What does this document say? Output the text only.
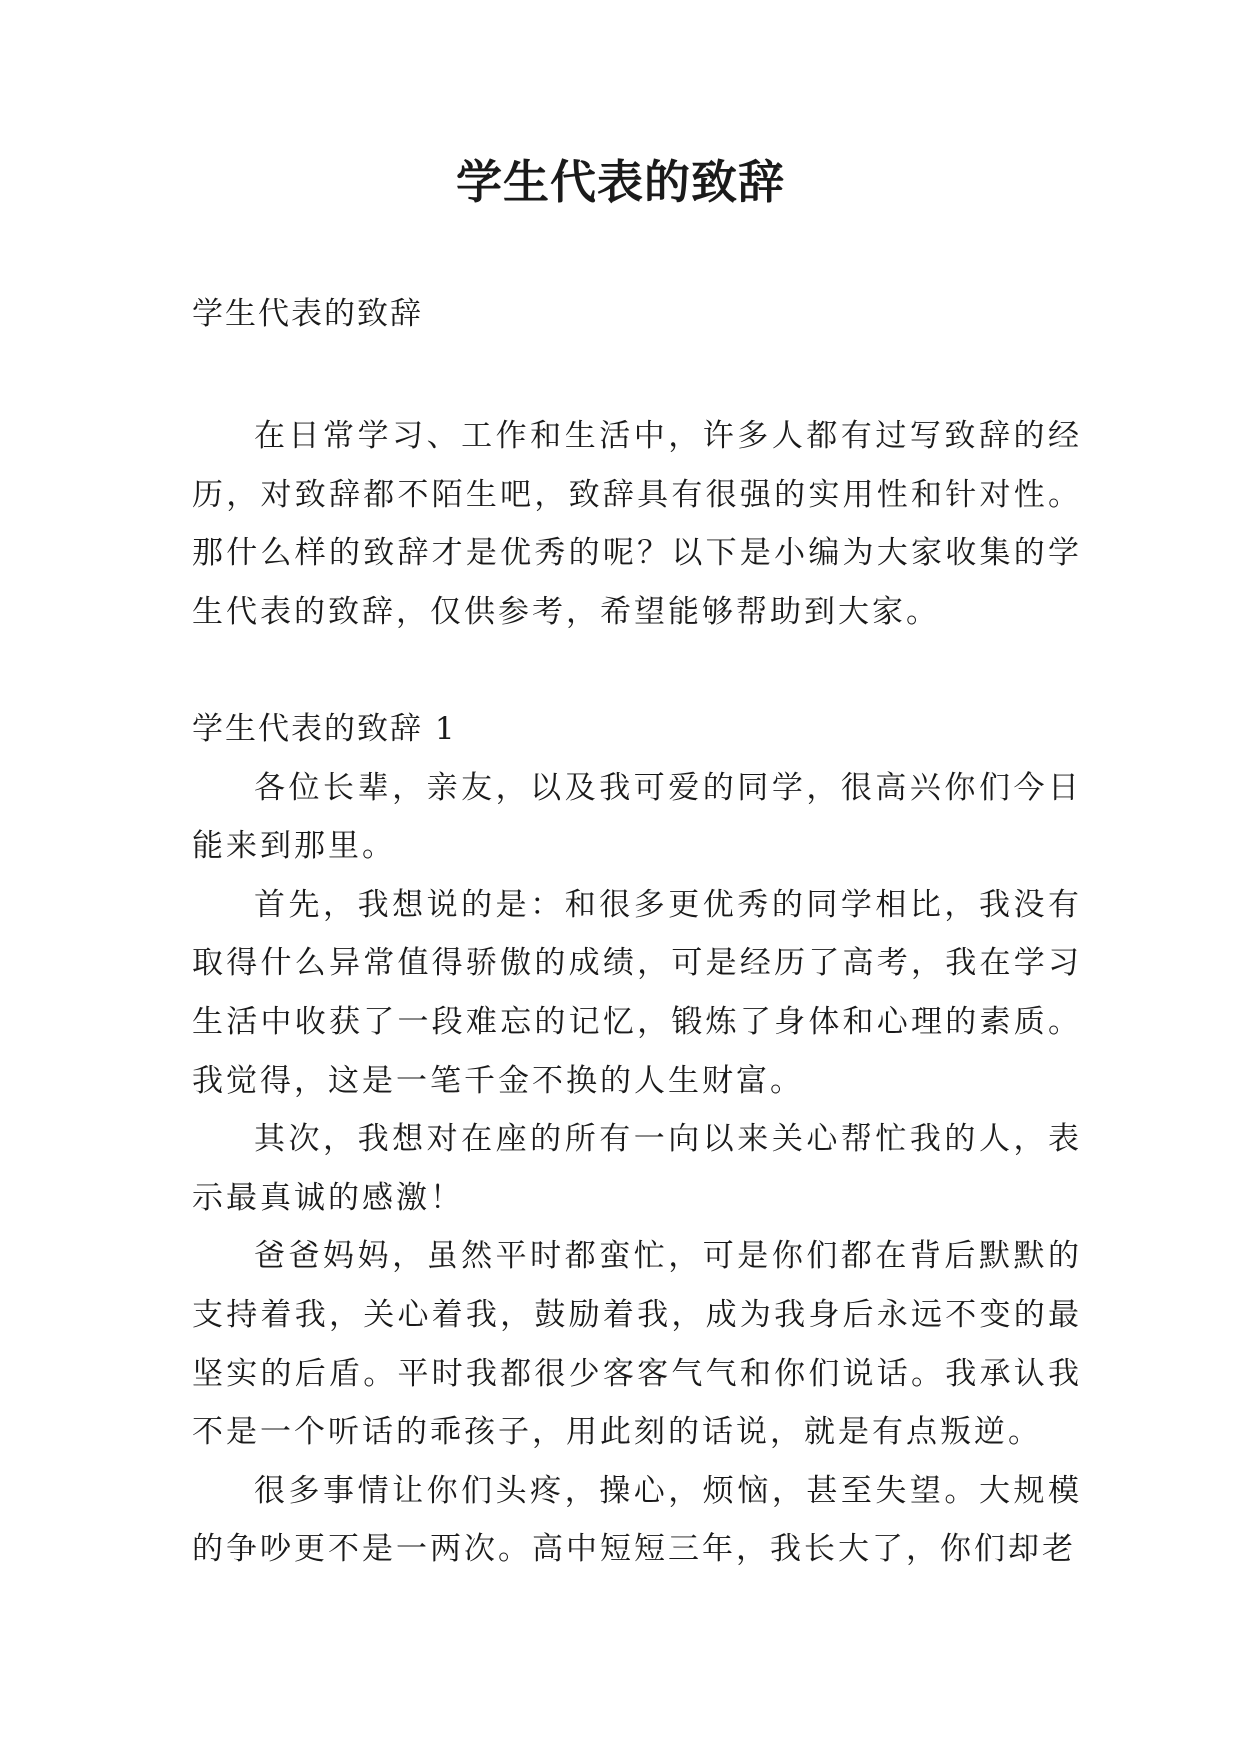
学生代表的致辞

学生代表的致辞

在日常学习、工作和生活中，许多人都有过写致辞的经历，对致辞都不陌生吧，致辞具有很强的实用性和针对性。那什么样的致辞才是优秀的呢？以下是小编为大家收集的学生代表的致辞，仅供参考，希望能够帮助到大家。

学生代表的致辞 1

各位长辈，亲友，以及我可爱的同学，很高兴你们今日能来到那里。

首先，我想说的是：和很多更优秀的同学相比，我没有取得什么异常值得骄傲的成绩，可是经历了高考，我在学习生活中收获了一段难忘的记忆，锻炼了身体和心理的素质。我觉得，这是一笔千金不换的人生财富。

其次，我想对在座的所有一向以来关心帮忙我的人，表示最真诚的感激！

爸爸妈妈，虽然平时都蛮忙，可是你们都在背后默默的支持着我，关心着我，鼓励着我，成为我身后永远不变的最坚实的后盾。平时我都很少客客气气和你们说话。我承认我不是一个听话的乖孩子，用此刻的话说，就是有点叛逆。

很多事情让你们头疼，操心，烦恼，甚至失望。大规模的争吵更不是一两次。高中短短三年，我长大了，你们却老
